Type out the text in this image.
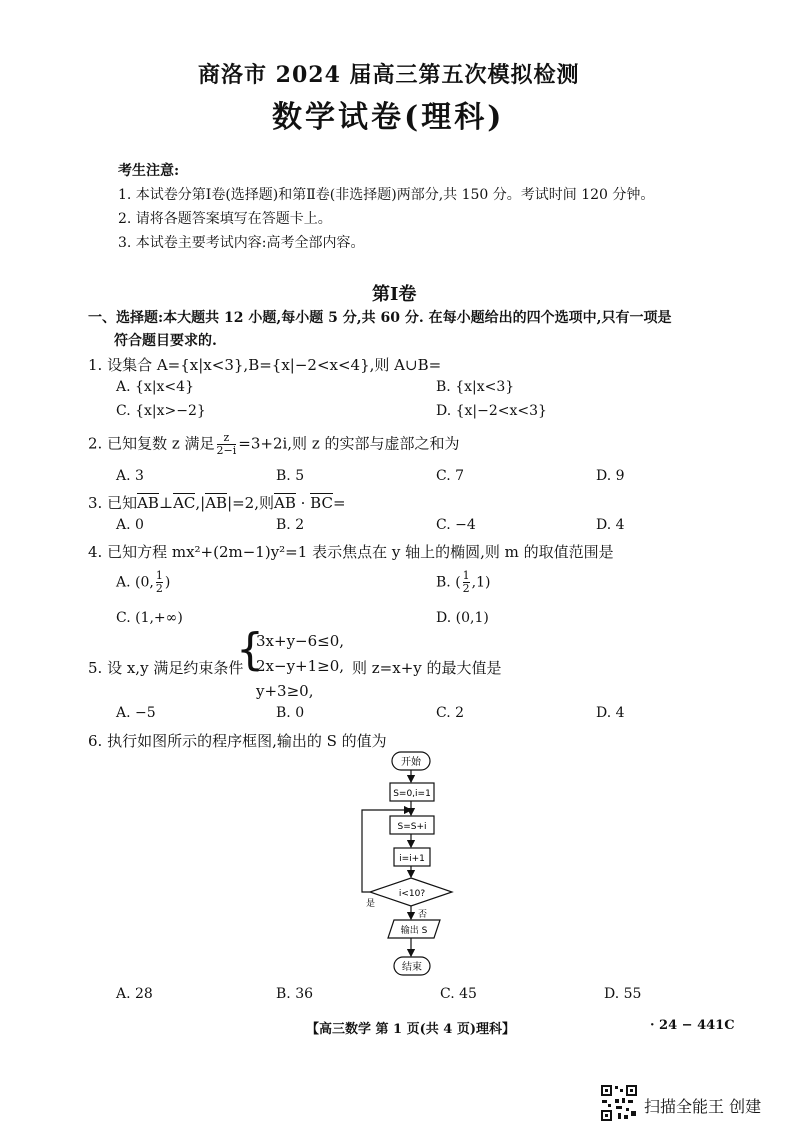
商洛市 2024 届高三第五次模拟检测
数学试卷(理科)
考生注意:
1. 本试卷分第Ⅰ卷(选择题)和第Ⅱ卷(非选择题)两部分,共 150 分。考试时间 120 分钟。
2. 请将各题答案填写在答题卡上。
3. 本试卷主要考试内容:高考全部内容。
第Ⅰ卷
一、选择题:本大题共 12 小题,每小题 5 分,共 60 分. 在每小题给出的四个选项中,只有一项是
符合题目要求的.
1. 设集合 A={x|x<3},B={x|−2<x<4},则 A∪B=
A. {x|x<4}	B. {x|x<3}
C. {x|x>−2}	D. {x|−2<x<3}
2. 已知复数 z 满足 $\frac{z}{2-i} =3+2i$,则 z 的实部与虚部之和为
A. 3	B. 5	C. 7	D. 9
3. 已知AB⊥AC,|AB|=2,则AB · BC=
A. 0	B. 2	C. −4	D. 4
4. 已知方程 mx²+(2m−1)y²=1 表示焦点在 y 轴上的椭圆,则 m 的取值范围是
A. (0, $\frac{1}{2}$ )	B. ( $\frac{1}{2} ,1$)
C. (1,+∞)	D. (0,1)
5. 设 x,y 满足约束条件
{
3x+y−6≤0,
2x−y+1≥0,
y+3≥0,
则 z=x+y 的最大值是
A. −5	B. 0	C. 2	D. 4
6. 执行如图所示的程序框图,输出的 S 的值为
开始
S=0,i=1
S=S+i
i=i+1
i<10?
是
否
输出 S
结束
A. 28	B. 36	C. 45	D. 55
【高三数学 第 1 页(共 4 页)理科】	· 24 − 441C
扫描全能王 创建
